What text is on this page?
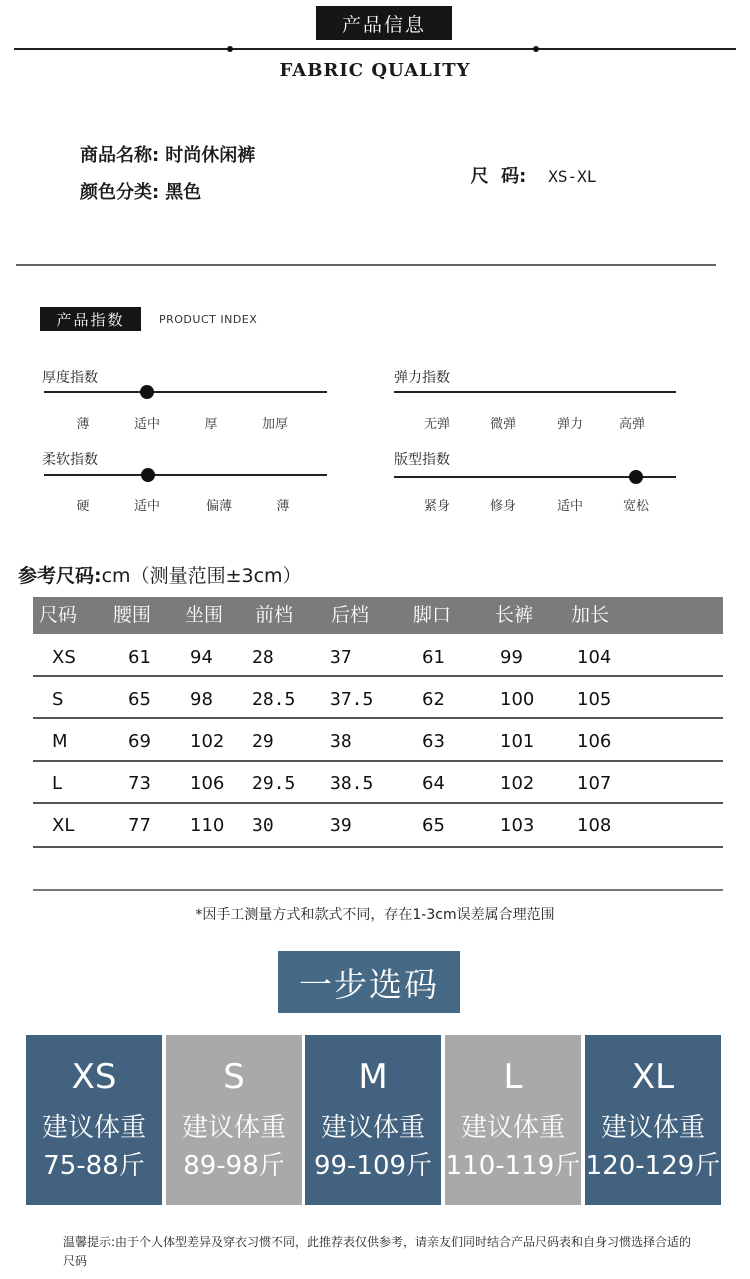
产品信息
FABRIC QUALITY
商品名称: 时尚休闲裤
颜色分类: 黑色

尺  码: XS-XL

产品指数	PRODUCT INDEX
厚度指数
薄	适中	厚	加厚
弹力指数
无弹	微弹	弹力	高弹
柔软指数
硬	适中	偏薄	薄
版型指数
紧身	修身	适中	宽松
参考尺码:cm（测量范围±3cm）
尺码 腰围 坐围 前档 后档 脚口 长裤 加长
XS	61 94 28	37	61	99	104
S	65 98 28.5 37.5	62	100 105
M	69 102 29	38	63	101 106
L	73 106 29.5 38.5	64	102 107
XL	77 110 30	39	65	103 108
*因手工测量方式和款式不同，存在1-3cm误差属合理范围
一步选码
XS
建议体重
75-88斤
S
建议体重
89-98斤
M
建议体重
99-109斤
L
建议体重
110-119斤
XL
建议体重
120-129斤
温馨提示:由于个人体型差异及穿衣习惯不同，此推荐表仅供参考，请亲友们同时结合产品尺码表和自身习惯选择合适的尺码
